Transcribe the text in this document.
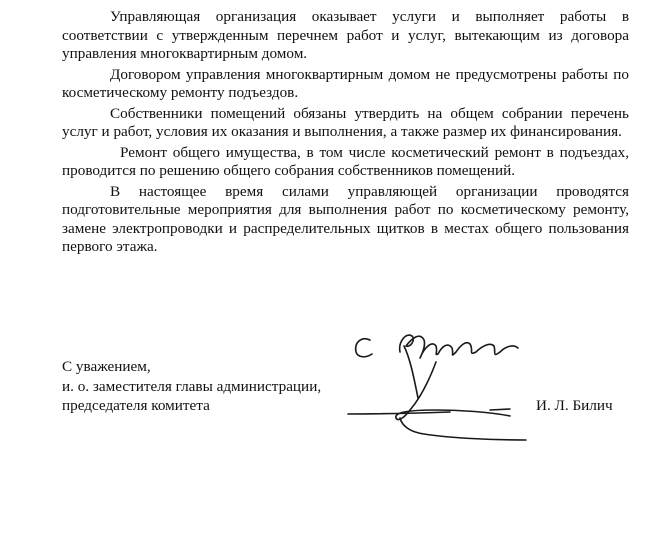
Управляющая организация оказывает услуги и выполняет работы в соответствии с утвержденным перечнем работ и услуг, вытекающим из договора управления многоквартирным домом.

Договором управления многоквартирным домом не предусмотрены работы по косметическому ремонту подъездов.

Собственники помещений обязаны утвердить на общем собрании перечень услуг и работ, условия их оказания и выполнения, а также размер их финансирования.

Ремонт общего имущества, в том числе косметический ремонт в подъездах, проводится по решению общего собрания собственников помещений.

В настоящее время силами управляющей организации проводятся подготовительные мероприятия для выполнения работ по косметическому ремонту, замене электропроводки и распределительных щитков в местах общего пользования первого этажа.

С уважением,
и. о. заместителя главы администрации,
председателя комитета	И. Л. Билич
